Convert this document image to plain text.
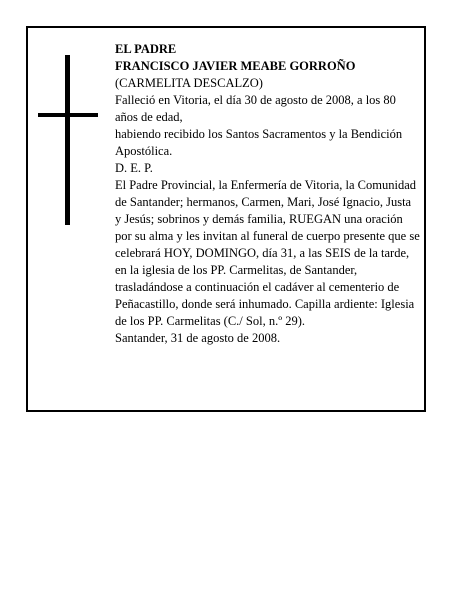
EL PADRE

FRANCISCO JAVIER MEABE GORROÑO

(CARMELITA DESCALZO)

Falleció en Vitoria, el día 30 de agosto de 2008, a los 80 años de edad,

habiendo recibido los Santos Sacramentos y la Bendición Apostólica.

D. E. P.

El Padre Provincial, la Enfermería de Vitoria, la Comunidad de Santander; hermanos, Carmen, Mari, José Ignacio, Justa y Jesús; sobrinos y demás familia, RUEGAN una oración por su alma y les invitan al funeral de cuerpo presente que se celebrará HOY, DOMINGO, día 31, a las SEIS de la tarde, en la iglesia de los PP. Carmelitas, de Santander, trasladándose a continuación el cadáver al cementerio de Peñacastillo, donde será inhumado. Capilla ardiente: Iglesia de los PP. Carmelitas (C./ Sol, n.º 29).

Santander, 31 de agosto de 2008.
